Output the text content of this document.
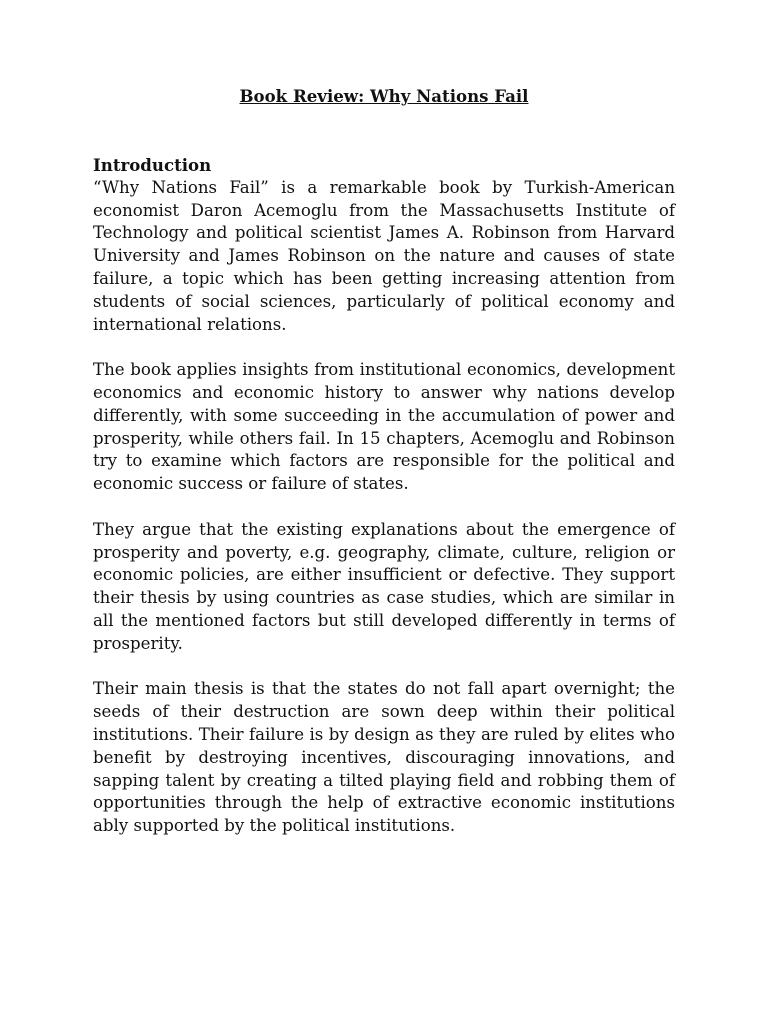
Book Review: Why Nations Fail
Introduction

“Why Nations Fail” is a remarkable book by Turkish-American economist Daron Acemoglu from the Massachusetts Institute of Technology and political scientist James A. Robinson from Harvard University and James Robinson on the nature and causes of state failure, a topic which has been getting increasing attention from students of social sciences, particularly of political economy and international relations.

The book applies insights from institutional economics, development economics and economic history to answer why nations develop differently, with some succeeding in the accumulation of power and prosperity, while others fail. In 15 chapters, Acemoglu and Robinson try to examine which factors are responsible for the political and economic success or failure of states.

They argue that the existing explanations about the emergence of prosperity and poverty, e.g. geography, climate, culture, religion or economic policies, are either insufficient or defective. They support their thesis by using countries as case studies, which are similar in all the mentioned factors but still developed differently in terms of prosperity.

Their main thesis is that the states do not fall apart overnight; the seeds of their destruction are sown deep within their political institutions. Their failure is by design as they are ruled by elites who benefit by destroying incentives, discouraging innovations, and sapping talent by creating a tilted playing field and robbing them of opportunities through the help of extractive economic institutions ably supported by the political institutions.
